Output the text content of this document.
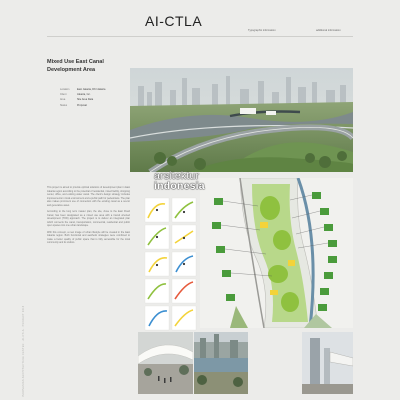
AI-CTLA
Typographic information	additional information
Mixed Use East Canal Development Area
Location	East Jakarta, DKI Jakarta
Client	Jakarta, Inc.
Area	Site Area Data
Status	Proposal

This project is aimed to provide optimal solutions of development plan in East Jakarta region according to the potential of residential, mixed facility, shopping center, office, and existing water canal. The client's design strategy includes improvements in local environment and a public path for pedestrians. The plan also makes prominent use of connection with the existing canal as a scenic and generative asset.

According to the long term master plan, the site, close to the East Flood Canal, has been designated as a mixed use area with a transit oriented development (TOD) approach. The project is to deliver an integrated plan which connects the canal, transportation, commercial, residential and public open spaces into one urban landscape.

With this concept, a new image of urban lifestyle will be created in the East Jakarta region. Both functional and aesthetic strategies were combined to make a better quality of public space that is fully accessible for the local community and its visitors.

INDONESIAN ARCHITECTURE CENTER · AI-CTLA · PROJECT 2015
arsitektur
indonesia
